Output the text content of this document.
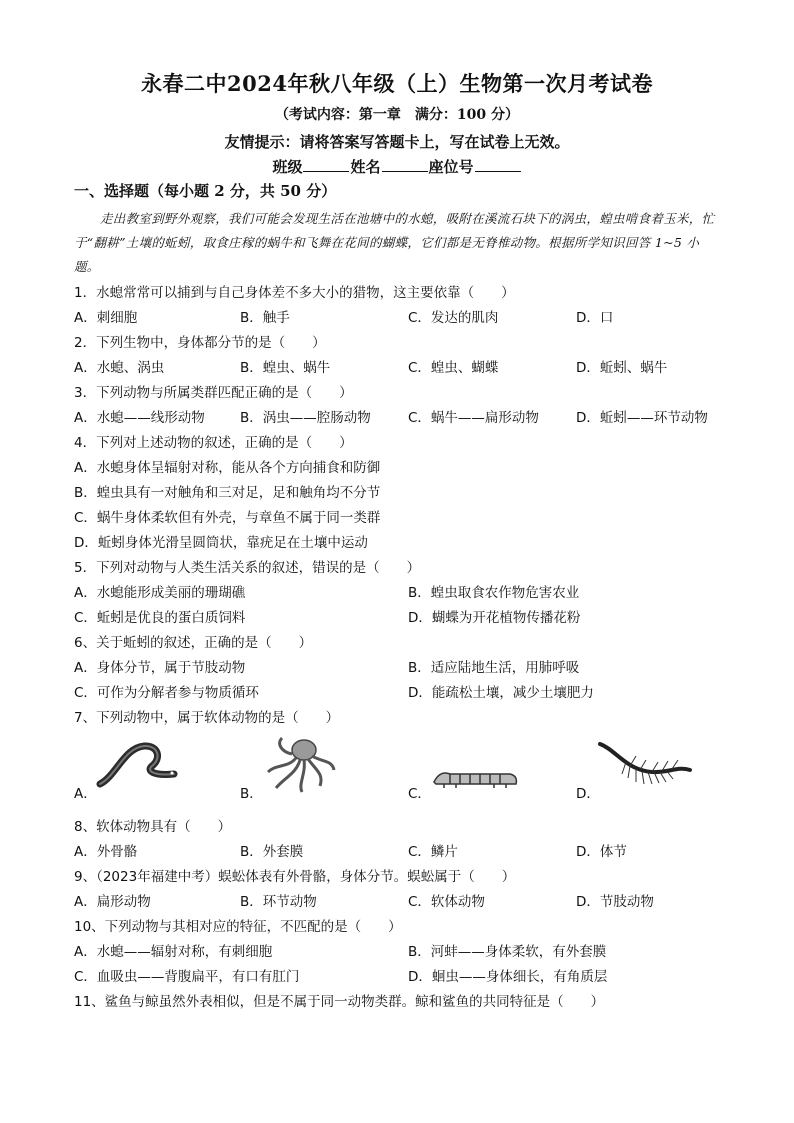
永春二中2024年秋八年级（上）生物第一次月考试卷
（考试内容：第一章　满分：100 分）
友情提示：请将答案写答题卡上，写在试卷上无效。
班级	姓名	座位号
一、选择题（每小题 2 分，共 50 分）
走出教室到野外观察，我们可能会发现生活在池塘中的水螅，吸附在溪流石块下的涡虫，蝗虫啃食着玉米，忙于“翻耕”土壤的蚯蚓，取食庄稼的蜗牛和飞舞在花间的蝴蝶，它们都是无脊椎动物。根据所学知识回答 1~5 小题。
1．水螅常常可以捕到与自己身体差不多大小的猎物，这主要依靠（　　）
A．刺细胞	B．触手	C．发达的肌肉	D．口
2．下列生物中，身体都分节的是（　　）
A．水螅、涡虫	B．蝗虫、蜗牛	C．蝗虫、蝴蝶	D．蚯蚓、蜗牛
3．下列动物与所属类群匹配正确的是（　　）
A．水螅——线形动物	B．涡虫——腔肠动物	C．蜗牛——扁形动物	D．蚯蚓——环节动物
4．下列对上述动物的叙述，正确的是（　　）
A．水螅身体呈辐射对称，能从各个方向捕食和防御
B．蝗虫具有一对触角和三对足，足和触角均不分节
C．蜗牛身体柔软但有外壳，与章鱼不属于同一类群
D．蚯蚓身体光滑呈圆筒状，靠疣足在土壤中运动
5．下列对动物与人类生活关系的叙述，错误的是（　　）
A．水螅能形成美丽的珊瑚礁	B．蝗虫取食农作物危害农业
C．蚯蚓是优良的蛋白质饲料	D．蝴蝶为开花植物传播花粉
6、关于蚯蚓的叙述，正确的是（　　）
A．身体分节，属于节肢动物	B．适应陆地生活，用肺呼吸
C．可作为分解者参与物质循环	D．能疏松土壤，减少土壤肥力
7、下列动物中，属于软体动物的是（　　）
A．	B．	C．	D．
8、软体动物具有（　　）
A．外骨骼	B．外套膜	C．鳞片	D．体节
9、（2023年福建中考）蜈蚣体表有外骨骼，身体分节。蜈蚣属于（　　）
A．扁形动物	B．环节动物	C．软体动物	D．节肢动物
10、下列动物与其相对应的特征，不匹配的是（　　）
A．水螅——辐射对称，有刺细胞	B．河蚌——身体柔软，有外套膜
C．血吸虫——背腹扁平，有口有肛门	D．蛔虫——身体细长，有角质层
11、鲨鱼与鲸虽然外表相似，但是不属于同一动物类群。鲸和鲨鱼的共同特征是（　　）
